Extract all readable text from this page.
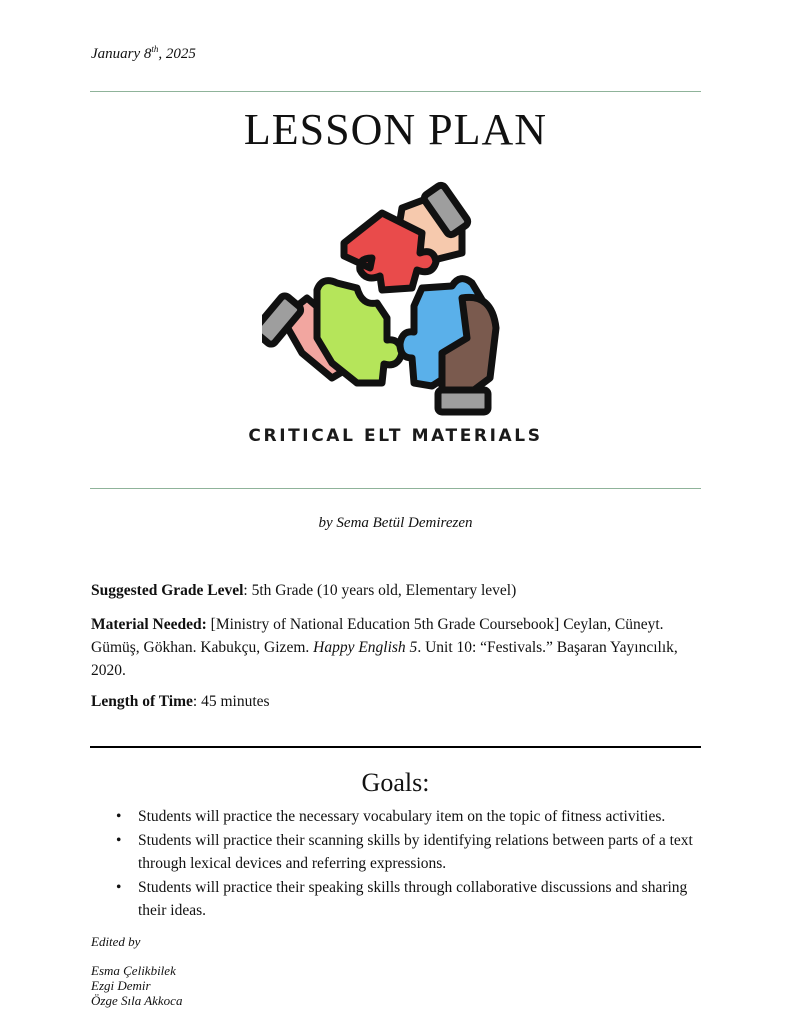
January 8th, 2025
LESSON PLAN
CRITICAL ELT MATERIALS
by Sema Betül Demirezen
Suggested Grade Level: 5th Grade (10 years old, Elementary level)
Material Needed: [Ministry of National Education 5th Grade Coursebook] Ceylan, Cüneyt. Gümüş, Gökhan. Kabukçu, Gizem. Happy English 5. Unit 10: “Festivals.” Başaran Yayıncılık, 2020.
Length of Time: 45 minutes
Goals:
• Students will practice the necessary vocabulary item on the topic of fitness activities.
• Students will practice their scanning skills by identifying relations between parts of a text through lexical devices and referring expressions.
• Students will practice their speaking skills through collaborative discussions and sharing their ideas.
Edited by
Esma Çelikbilek
Ezgi Demir
Özge Sıla Akkoca
